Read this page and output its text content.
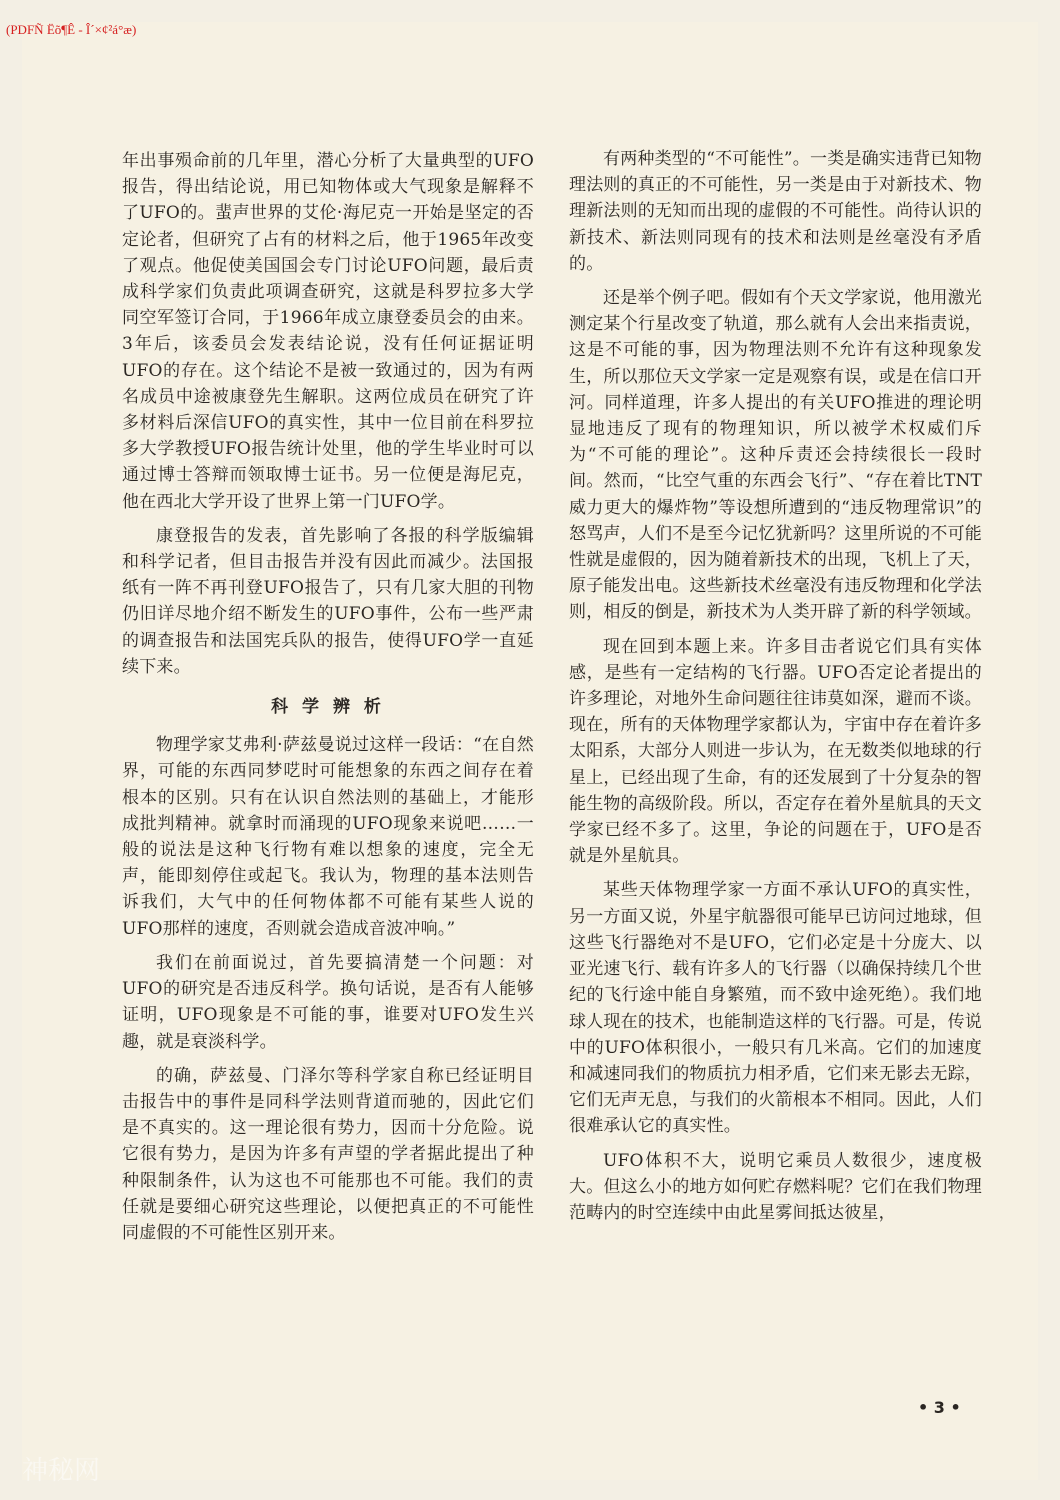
(PDFÑ Ëõ¶Ê - Î´×¢²á°æ)

年出事殒命前的几年里，潜心分析了大量典型的UFO报告，得出结论说，用已知物体或大气现象是解释不了UFO的。蜚声世界的艾伦·海尼克一开始是坚定的否定论者，但研究了占有的材料之后，他于1965年改变了观点。他促使美国国会专门讨论UFO问题，最后责成科学家们负责此项调查研究，这就是科罗拉多大学同空军签订合同，于1966年成立康登委员会的由来。3年后，该委员会发表结论说，没有任何证据证明UFO的存在。这个结论不是被一致通过的，因为有两名成员中途被康登先生解职。这两位成员在研究了许多材料后深信UFO的真实性，其中一位目前在科罗拉多大学教授UFO报告统计处里，他的学生毕业时可以通过博士答辩而领取博士证书。另一位便是海尼克，他在西北大学开设了世界上第一门UFO学。

康登报告的发表，首先影响了各报的科学版编辑和科学记者，但目击报告并没有因此而减少。法国报纸有一阵不再刊登UFO报告了，只有几家大胆的刊物仍旧详尽地介绍不断发生的UFO事件，公布一些严肃的调查报告和法国宪兵队的报告，使得UFO学一直延续下来。

科 学 辨 析

物理学家艾弗利·萨兹曼说过这样一段话：“在自然界，可能的东西同梦呓时可能想象的东西之间存在着根本的区别。只有在认识自然法则的基础上，才能形成批判精神。就拿时而涌现的UFO现象来说吧……一般的说法是这种飞行物有难以想象的速度，完全无声，能即刻停住或起飞。我认为，物理的基本法则告诉我们，大气中的任何物体都不可能有某些人说的UFO那样的速度，否则就会造成音波冲响。”

我们在前面说过，首先要搞清楚一个问题：对UFO的研究是否违反科学。换句话说，是否有人能够证明，UFO现象是不可能的事，谁要对UFO发生兴趣，就是衰淡科学。

的确，萨兹曼、门泽尔等科学家自称已经证明目击报告中的事件是同科学法则背道而驰的，因此它们是不真实的。这一理论很有势力，因而十分危险。说它很有势力，是因为许多有声望的学者据此提出了种种限制条件，认为这也不可能那也不可能。我们的责任就是要细心研究这些理论，以便把真正的不可能性同虚假的不可能性区别开来。

有两种类型的“不可能性”。一类是确实违背已知物理法则的真正的不可能性，另一类是由于对新技术、物理新法则的无知而出现的虚假的不可能性。尚待认识的新技术、新法则同现有的技术和法则是丝毫没有矛盾的。

还是举个例子吧。假如有个天文学家说，他用激光测定某个行星改变了轨道，那么就有人会出来指责说，这是不可能的事，因为物理法则不允许有这种现象发生，所以那位天文学家一定是观察有误，或是在信口开河。同样道理，许多人提出的有关UFO推进的理论明显地违反了现有的物理知识，所以被学术权威们斥为“不可能的理论”。这种斥责还会持续很长一段时间。然而，“比空气重的东西会飞行”、“存在着比TNT威力更大的爆炸物”等设想所遭到的“违反物理常识”的怒骂声，人们不是至今记忆犹新吗？这里所说的不可能性就是虚假的，因为随着新技术的出现，飞机上了天，原子能发出电。这些新技术丝毫没有违反物理和化学法则，相反的倒是，新技术为人类开辟了新的科学领域。

现在回到本题上来。许多目击者说它们具有实体感，是些有一定结构的飞行器。UFO否定论者提出的许多理论，对地外生命问题往往讳莫如深，避而不谈。现在，所有的天体物理学家都认为，宇宙中存在着许多太阳系，大部分人则进一步认为，在无数类似地球的行星上，已经出现了生命，有的还发展到了十分复杂的智能生物的高级阶段。所以，否定存在着外星航具的天文学家已经不多了。这里，争论的问题在于，UFO是否就是外星航具。

某些天体物理学家一方面不承认UFO的真实性，另一方面又说，外星宇航器很可能早已访问过地球，但这些飞行器绝对不是UFO，它们必定是十分庞大、以亚光速飞行、载有许多人的飞行器（以确保持续几个世纪的飞行途中能自身繁殖，而不致中途死绝）。我们地球人现在的技术，也能制造这样的飞行器。可是，传说中的UFO体积很小，一般只有几米高。它们的加速度和减速同我们的物质抗力相矛盾，它们来无影去无踪，它们无声无息，与我们的火箭根本不相同。因此，人们很难承认它的真实性。

UFO体积不大，说明它乘员人数很少，速度极大。但这么小的地方如何贮存燃料呢？它们在我们物理范畴内的时空连续中由此星雾间抵达彼星，

• 3 •
神秘网
